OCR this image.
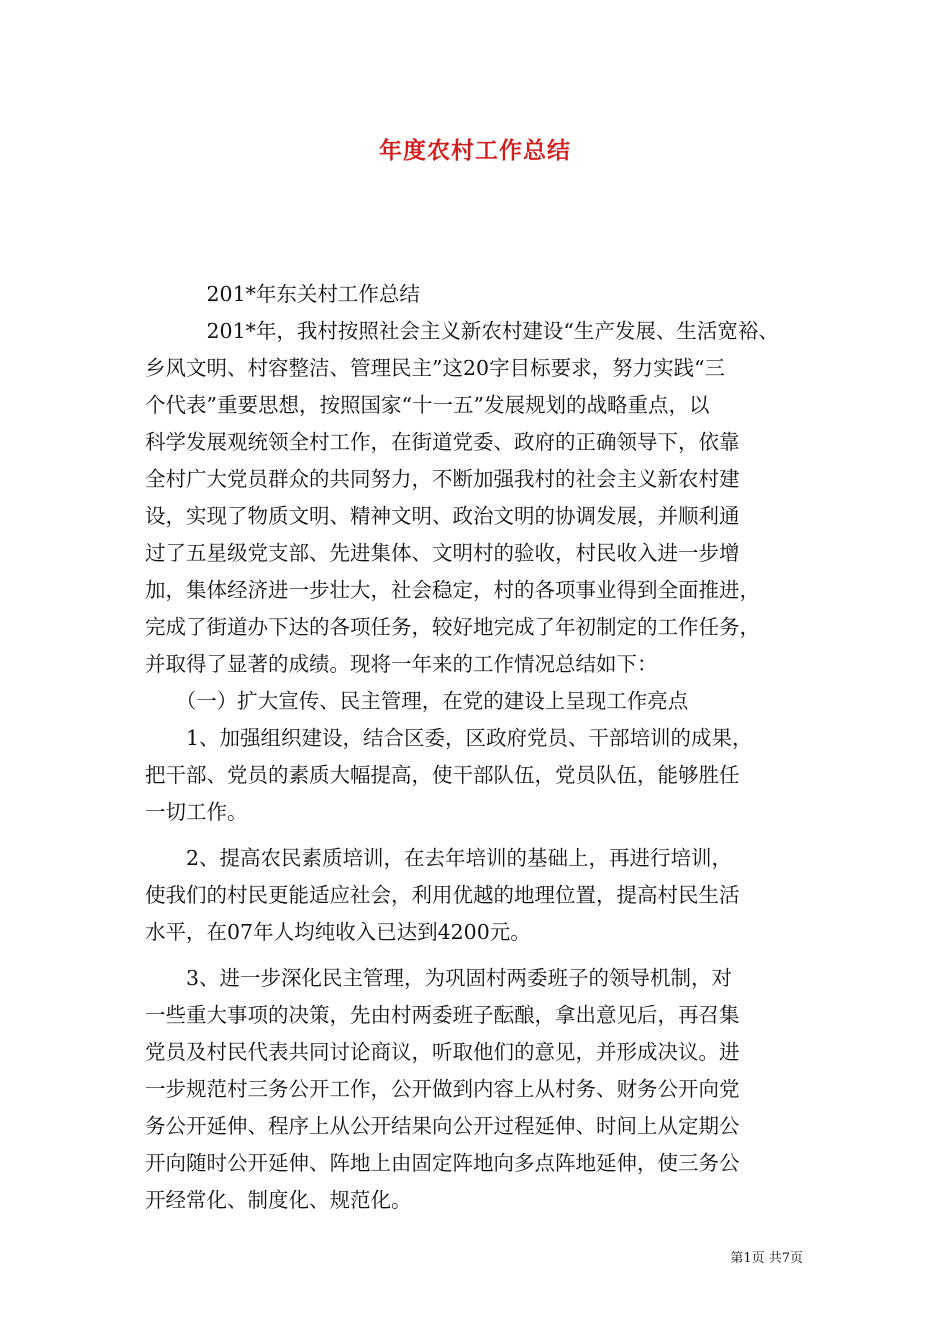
年度农村工作总结
　　　201*年东关村工作总结
　　　201*年，我村按照社会主义新农村建设“生产发展、生活宽裕、
乡风文明、村容整洁、管理民主”这20字目标要求，努力实践“三
个代表”重要思想，按照国家“十一五”发展规划的战略重点，以
科学发展观统领全村工作，在街道党委、政府的正确领导下，依靠
全村广大党员群众的共同努力，不断加强我村的社会主义新农村建
设，实现了物质文明、精神文明、政治文明的协调发展，并顺利通
过了五星级党支部、先进集体、文明村的验收，村民收入进一步增
加，集体经济进一步壮大，社会稳定，村的各项事业得到全面推进，
完成了街道办下达的各项任务，较好地完成了年初制定的工作任务，
并取得了显著的成绩。现将一年来的工作情况总结如下：
　　（一）扩大宣传、民主管理，在党的建设上呈现工作亮点
　　1、加强组织建设，结合区委，区政府党员、干部培训的成果，
把干部、党员的素质大幅提高，使干部队伍，党员队伍，能够胜任
一切工作。
　　2、提高农民素质培训，在去年培训的基础上，再进行培训，
使我们的村民更能适应社会，利用优越的地理位置，提高村民生活
水平，在07年人均纯收入已达到4200元。
　　3、进一步深化民主管理，为巩固村两委班子的领导机制，对
一些重大事项的决策，先由村两委班子酝酿，拿出意见后，再召集
党员及村民代表共同讨论商议，听取他们的意见，并形成决议。进
一步规范村三务公开工作，公开做到内容上从村务、财务公开向党
务公开延伸、程序上从公开结果向公开过程延伸、时间上从定期公
开向随时公开延伸、阵地上由固定阵地向多点阵地延伸，使三务公
开经常化、制度化、规范化。
第1页 共7页
